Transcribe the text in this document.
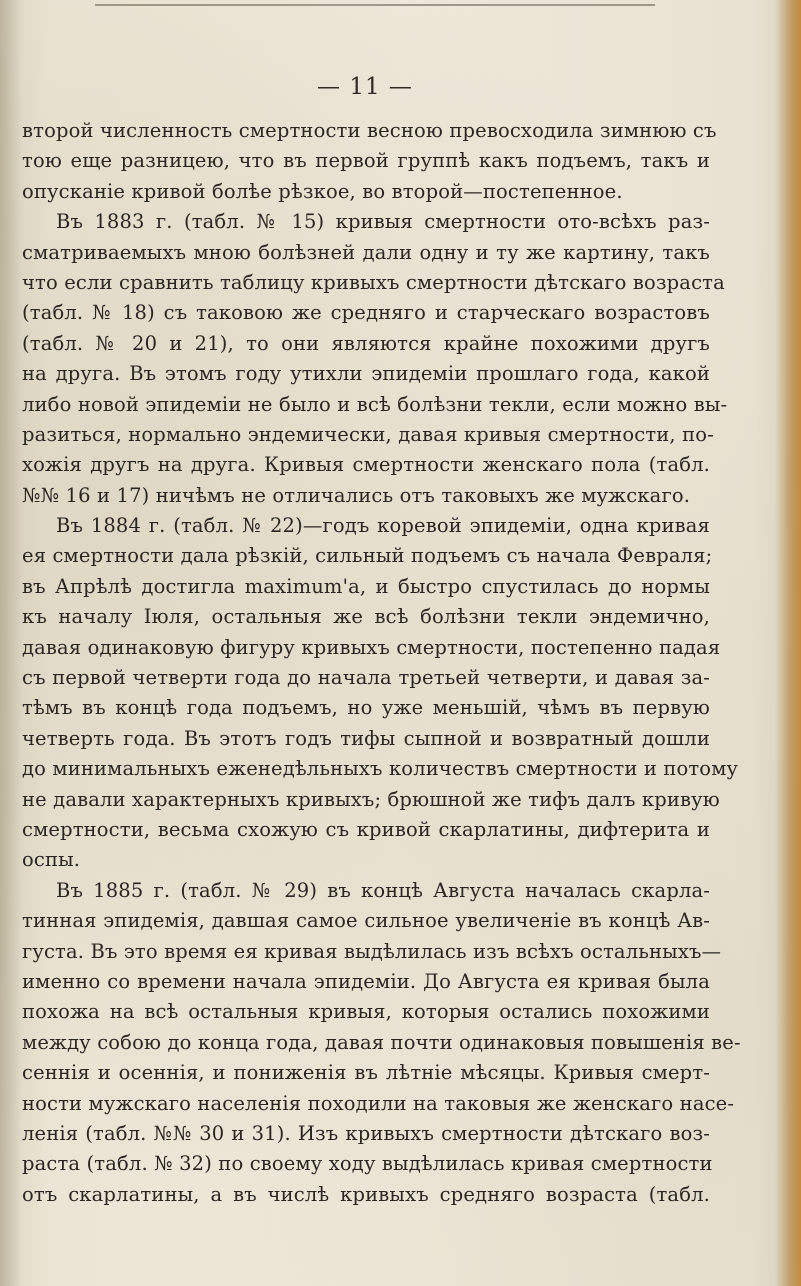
— 11 —
второй численность смертности весною превосходила зимнюю съ
тою еще разницею, что въ первой группѣ какъ подъемъ, такъ и
опусканіе кривой болѣе рѣзкое, во второй—постепенное.
Въ 1883 г. (табл. № 15) кривыя смертности ото-всѣхъ раз-
сматриваемыхъ мною болѣзней дали одну и ту же картину, такъ
что если сравнить таблицу кривыхъ смертности дѣтскаго возраста
(табл. № 18) съ таковою же средняго и старческаго возрастовъ
(табл. № 20 и 21), то они являются крайне похожими другъ
на друга. Въ этомъ году утихли эпидеміи прошлаго года, какой
либо новой эпидеміи не было и всѣ болѣзни текли, если можно вы-
разиться, нормально эндемически, давая кривыя смертности, по-
хожія другъ на друга. Кривыя смертности женскаго пола (табл.
№№ 16 и 17) ничѣмъ не отличались отъ таковыхъ же мужскаго.
Въ 1884 г. (табл. № 22)—годъ коревой эпидеміи, одна кривая
ея смертности дала рѣзкій, сильный подъемъ съ начала Февраля;
въ Апрѣлѣ достигла maximum'а, и быстро спустилась до нормы
къ началу Іюля, остальныя же всѣ болѣзни текли эндемично,
давая одинаковую фигуру кривыхъ смертности, постепенно падая
съ первой четверти года до начала третьей четверти, и давая за-
тѣмъ въ концѣ года подъемъ, но уже меньшій, чѣмъ въ первую
четверть года. Въ этотъ годъ тифы сыпной и возвратный дошли
до минимальныхъ еженедѣльныхъ количествъ смертности и потому
не давали характерныхъ кривыхъ; брюшной же тифъ далъ кривую
смертности, весьма схожую съ кривой скарлатины, дифтерита и
оспы.
Въ 1885 г. (табл. № 29) въ концѣ Августа началась скарла-
тинная эпидемія, давшая самое сильное увеличеніе въ концѣ Ав-
густа. Въ это время ея кривая выдѣлилась изъ всѣхъ остальныхъ—
именно со времени начала эпидеміи. До Августа ея кривая была
похожа на всѣ остальныя кривыя, которыя остались похожими
между собою до конца года, давая почти одинаковыя повышенія ве-
сеннія и осеннія, и пониженія въ лѣтніе мѣсяцы. Кривыя смерт-
ности мужскаго населенія походили на таковыя же женскаго насе-
ленія (табл. №№ 30 и 31). Изъ кривыхъ смертности дѣтскаго воз-
раста (табл. № 32) по своему ходу выдѣлилась кривая смертности
отъ скарлатины, а въ числѣ кривыхъ средняго возраста (табл.
